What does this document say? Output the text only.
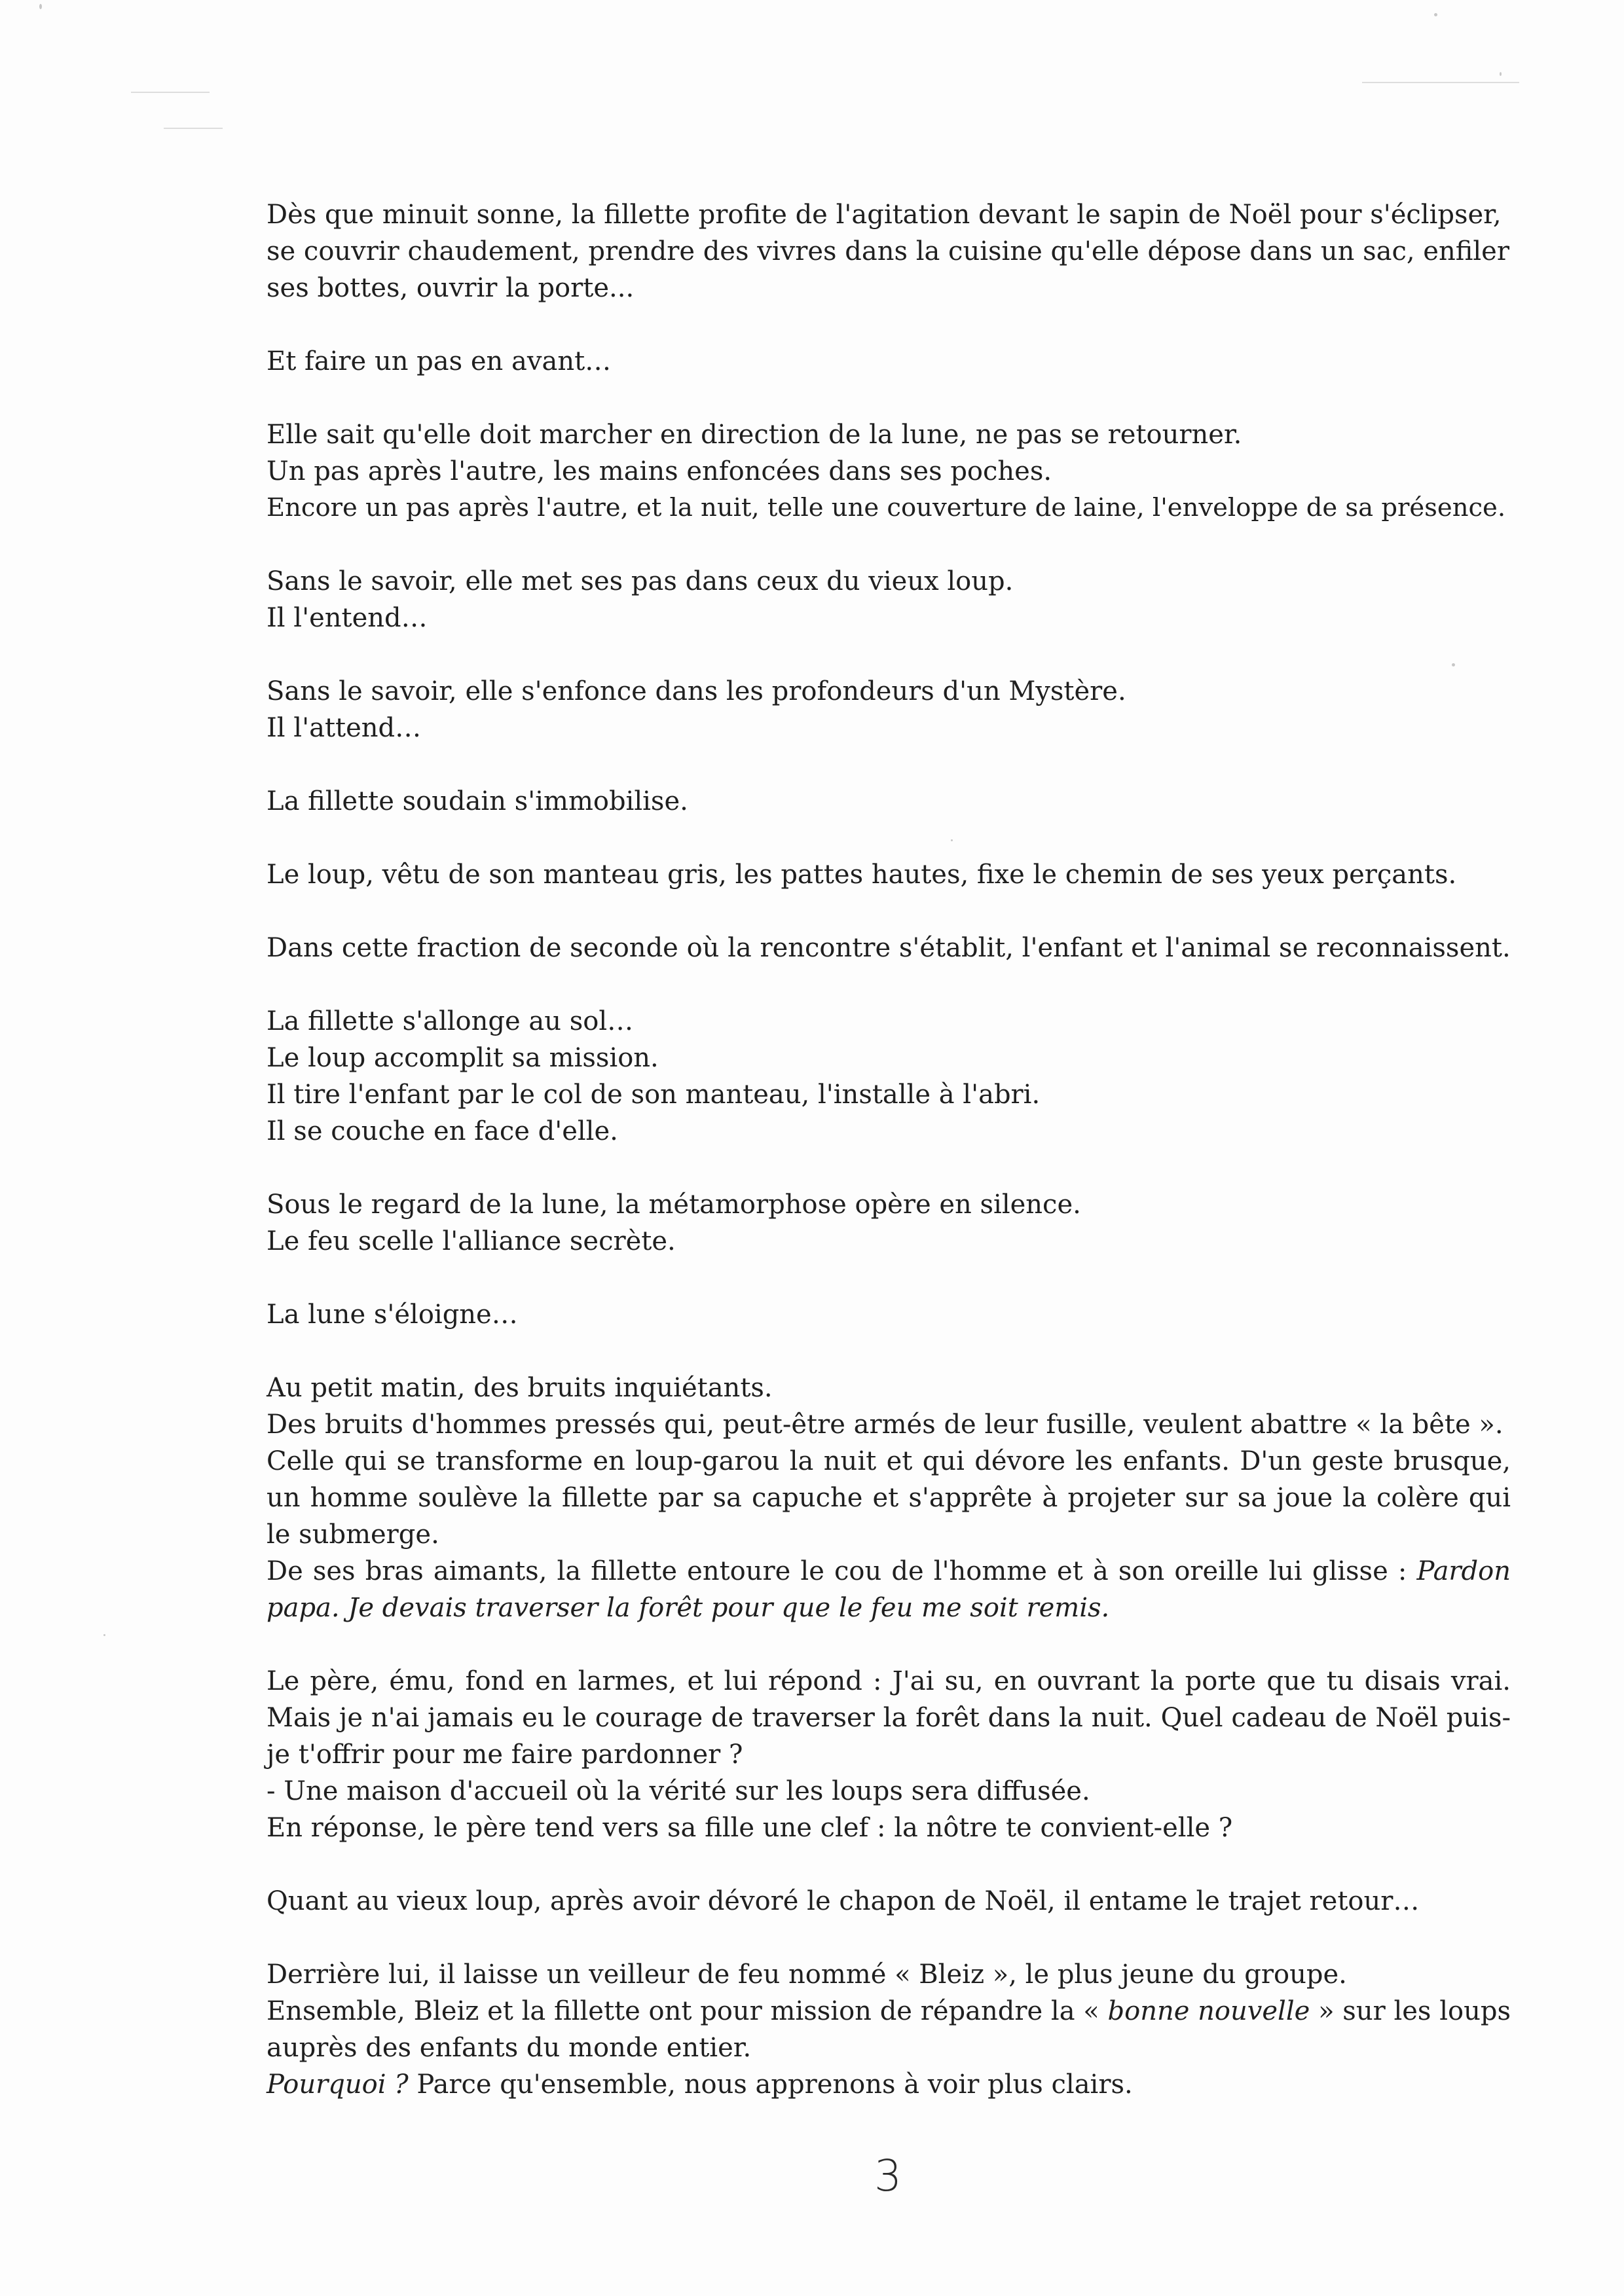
Dès que minuit sonne, la fillette profite de l'agitation devant le sapin de Noël pour s'éclipser,
se couvrir chaudement, prendre des vivres dans la cuisine qu'elle dépose dans un sac, enfiler
ses bottes, ouvrir la porte...

Et faire un pas en avant…

Elle sait qu'elle doit marcher en direction de la lune, ne pas se retourner.
Un pas après l'autre, les mains enfoncées dans ses poches.
Encore un pas après l'autre, et la nuit, telle une couverture de laine, l'enveloppe de sa présence.

Sans le savoir, elle met ses pas dans ceux du vieux loup.
Il l'entend…

Sans le savoir, elle s'enfonce dans les profondeurs d'un Mystère.
Il l'attend…

La fillette soudain s'immobilise.

Le loup, vêtu de son manteau gris, les pattes hautes, fixe le chemin de ses yeux perçants.

Dans cette fraction de seconde où la rencontre s'établit, l'enfant et l'animal se reconnaissent.

La fillette s'allonge au sol…
Le loup accomplit sa mission.
Il tire l'enfant par le col de son manteau, l'installe à l'abri.
Il se couche en face d'elle.

Sous le regard de la lune, la métamorphose opère en silence.
Le feu scelle l'alliance secrète.

La lune s'éloigne…

Au petit matin, des bruits inquiétants.
Des bruits d'hommes pressés qui, peut-être armés de leur fusille, veulent abattre « la bête ».
Celle qui se transforme en loup-garou la nuit et qui dévore les enfants. D'un geste brusque, un homme soulève la fillette par sa capuche et s'apprête à projeter sur sa joue la colère qui le submerge.
De ses bras aimants, la fillette entoure le cou de l'homme et à son oreille lui glisse : Pardon papa. Je devais traverser la forêt pour que le feu me soit remis.

Le père, ému, fond en larmes, et lui répond : J'ai su, en ouvrant la porte que tu disais vrai. Mais je n'ai jamais eu le courage de traverser la forêt dans la nuit. Quel cadeau de Noël puis-je t'offrir pour me faire pardonner ?
- Une maison d'accueil où la vérité sur les loups sera diffusée.
En réponse, le père tend vers sa fille une clef : la nôtre te convient-elle ?

Quant au vieux loup, après avoir dévoré le chapon de Noël, il entame le trajet retour…

Derrière lui, il laisse un veilleur de feu nommé « Bleiz », le plus jeune du groupe.
Ensemble, Bleiz et la fillette ont pour mission de répandre la « bonne nouvelle » sur les loups auprès des enfants du monde entier.
Pourquoi ? Parce qu'ensemble, nous apprenons à voir plus clairs.

3
